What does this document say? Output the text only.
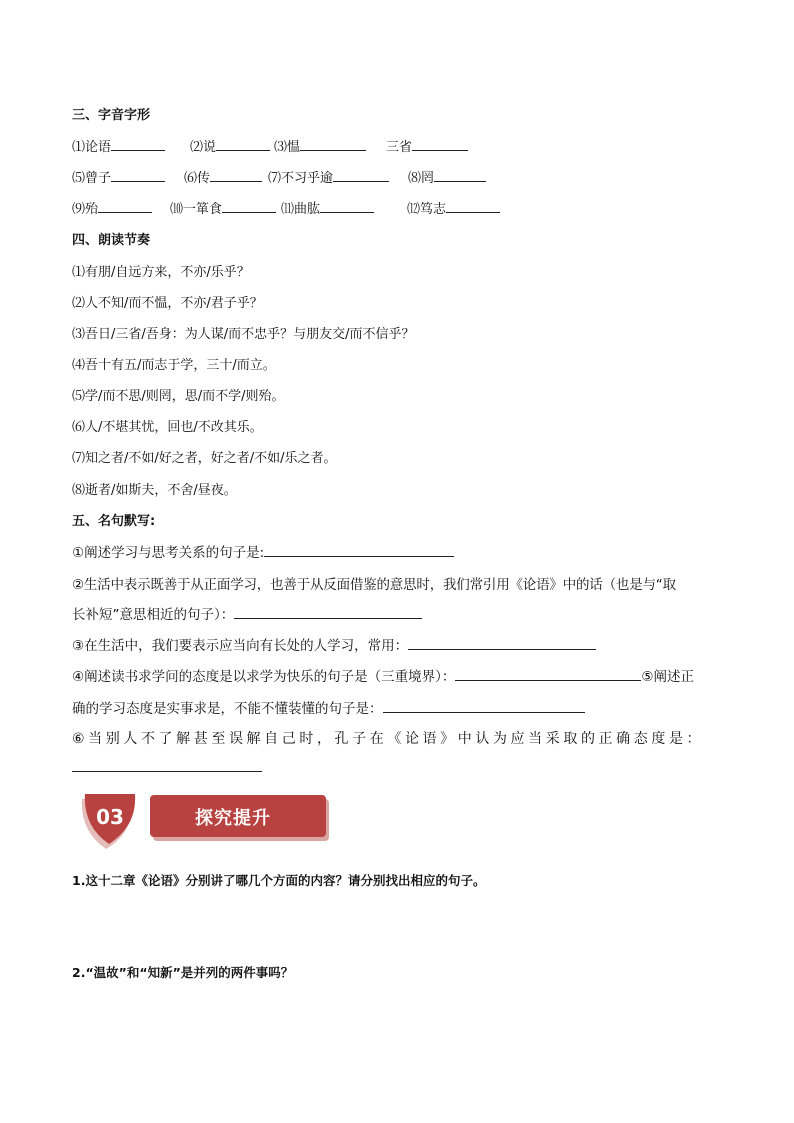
三、字音字形
⑴论语	⑵说	⑶愠	三省
⑸曾子	⑹传	⑺不习乎逾	⑻罔
⑼殆	⑽一箪食	⑾曲肱	⑿笃志
四、朗读节奏
⑴有朋/自远方来，不亦/乐乎？
⑵人不知/而不愠，不亦/君子乎？
⑶吾日/三省/吾身：为人谋/而不忠乎？与朋友交/而不信乎？
⑷吾十有五/而志于学，三十/而立。
⑸学/而不思/则罔，思/而不学/则殆。
⑹人/不堪其忧，回也/不改其乐。
⑺知之者/不如/好之者，好之者/不如/乐之者。
⑻逝者/如斯夫，不舍/昼夜。
五、名句默写:
①阐述学习与思考关系的句子是:
②生活中表示既善于从正面学习，也善于从反面借鉴的意思时，我们常引用《论语》中的话（也是与“取
长补短”意思相近的句子）：
③在生活中，我们要表示应当向有长处的人学习，常用：
④阐述读书求学问的态度是以求学为快乐的句子是（三重境界）：	⑤阐述正
确的学习态度是实事求是，不能不懂装懂的句子是：
⑥当别人不了解甚至误解自己时，孔子在《论语》中认为应当采取的正确态度是：
03	探究提升
1.这十二章《论语》分别讲了哪几个方面的内容？请分别找出相应的句子。
2.“温故”和“知新”是并列的两件事吗？
